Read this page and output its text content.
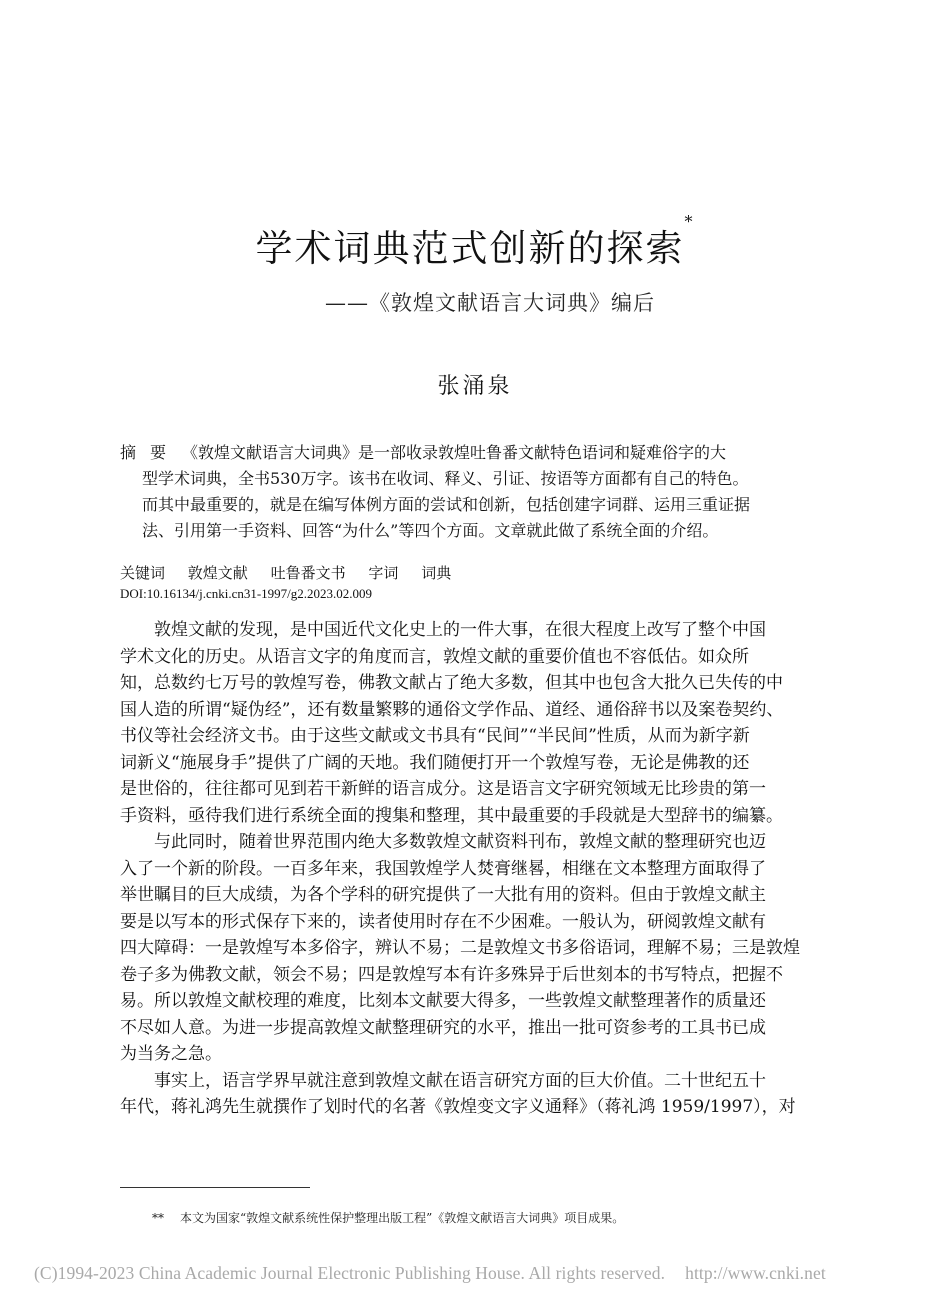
学术词典范式创新的探索*
——《敦煌文献语言大词典》编后
张涌泉
摘要 《敦煌文献语言大词典》是一部收录敦煌吐鲁番文献特色语词和疑难俗字的大
型学术词典，全书530万字。该书在收词、释义、引证、按语等方面都有自己的特色。
而其中最重要的，就是在编写体例方面的尝试和创新，包括创建字词群、运用三重证据
法、引用第一手资料、回答“为什么”等四个方面。文章就此做了系统全面的介绍。
关键词 敦煌文献 吐鲁番文书 字词 词典
DOI:10.16134/j.cnki.cn31-1997/g2.2023.02.009
敦煌文献的发现，是中国近代文化史上的一件大事，在很大程度上改写了整个中国
学术文化的历史。从语言文字的角度而言，敦煌文献的重要价值也不容低估。如众所
知，总数约七万号的敦煌写卷，佛教文献占了绝大多数，但其中也包含大批久已失传的中
国人造的所谓“疑伪经”，还有数量繁夥的通俗文学作品、道经、通俗辞书以及案卷契约、
书仪等社会经济文书。由于这些文献或文书具有“民间”“半民间”性质，从而为新字新
词新义“施展身手”提供了广阔的天地。我们随便打开一个敦煌写卷，无论是佛教的还
是世俗的，往往都可见到若干新鲜的语言成分。这是语言文字研究领域无比珍贵的第一
手资料，亟待我们进行系统全面的搜集和整理，其中最重要的手段就是大型辞书的编纂。
与此同时，随着世界范围内绝大多数敦煌文献资料刊布，敦煌文献的整理研究也迈
入了一个新的阶段。一百多年来，我国敦煌学人焚膏继晷，相继在文本整理方面取得了
举世瞩目的巨大成绩，为各个学科的研究提供了一大批有用的资料。但由于敦煌文献主
要是以写本的形式保存下来的，读者使用时存在不少困难。一般认为，研阅敦煌文献有
四大障碍：一是敦煌写本多俗字，辨认不易；二是敦煌文书多俗语词，理解不易；三是敦煌
卷子多为佛教文献，领会不易；四是敦煌写本有许多殊异于后世刻本的书写特点，把握不
易。所以敦煌文献校理的难度，比刻本文献要大得多，一些敦煌文献整理著作的质量还
不尽如人意。为进一步提高敦煌文献整理研究的水平，推出一批可资参考的工具书已成
为当务之急。
事实上，语言学界早就注意到敦煌文献在语言研究方面的巨大价值。二十世纪五十
年代，蒋礼鸿先生就撰作了划时代的名著《敦煌变文字义通释》（蒋礼鸿 1959/1997），对
** 本文为国家“敦煌文献系统性保护整理出版工程”《敦煌文献语言大词典》项目成果。
(C)1994-2023 China Academic Journal Electronic Publishing House. All rights reserved. http://www.cnki.net
